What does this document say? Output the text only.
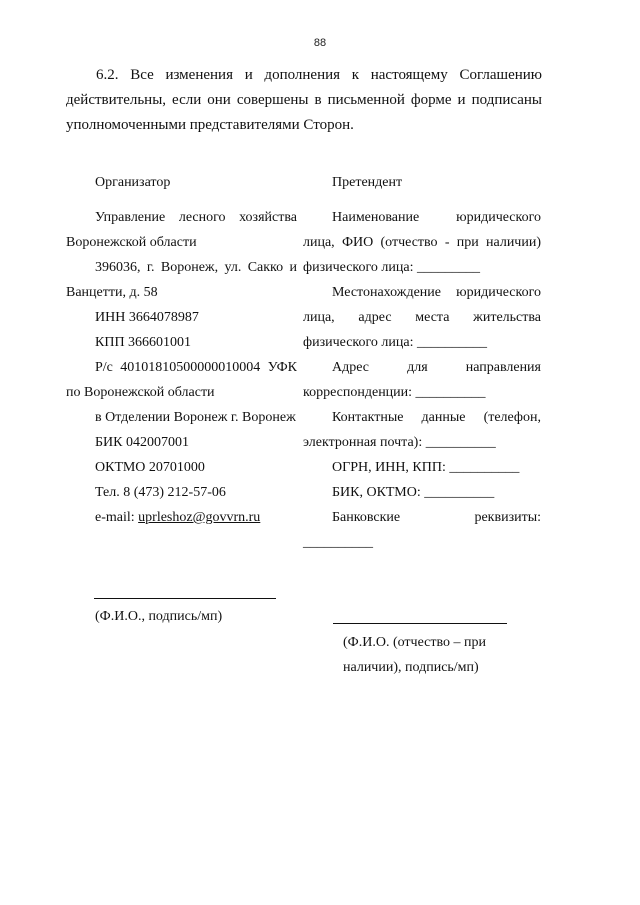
88

6.2. Все изменения и дополнения к настоящему Соглашению действительны, если они совершены в письменной форме и подписаны уполномоченными представителями Сторон.

Организатор

Управление лесного хозяйства Воронежской области

396036, г. Воронеж, ул. Сакко и Ванцетти, д. 58

ИНН 3664078987

КПП 366601001

Р/с 40101810500000010004 УФК по Воронежской области

в Отделении Воронеж г. Воронеж

БИК 042007001

ОКТМО 20701000

Тел. 8 (473) 212-57-06

e-mail: uprleshoz@govvrn.ru

Претендент

Наименование юридического лица, ФИО (отчество - при наличии) физического лица: _________

Местонахождение юридического лица, адрес места жительства физического лица: __________

Адрес для направления корреспонденции: __________

Контактные данные (телефон, электронная почта): __________

ОГРН, ИНН, КПП: __________

БИК, ОКТМО: __________

Банковские реквизиты:

__________

(Ф.И.О., подпись/мп)

(Ф.И.О. (отчество – при наличии), подпись/мп)
